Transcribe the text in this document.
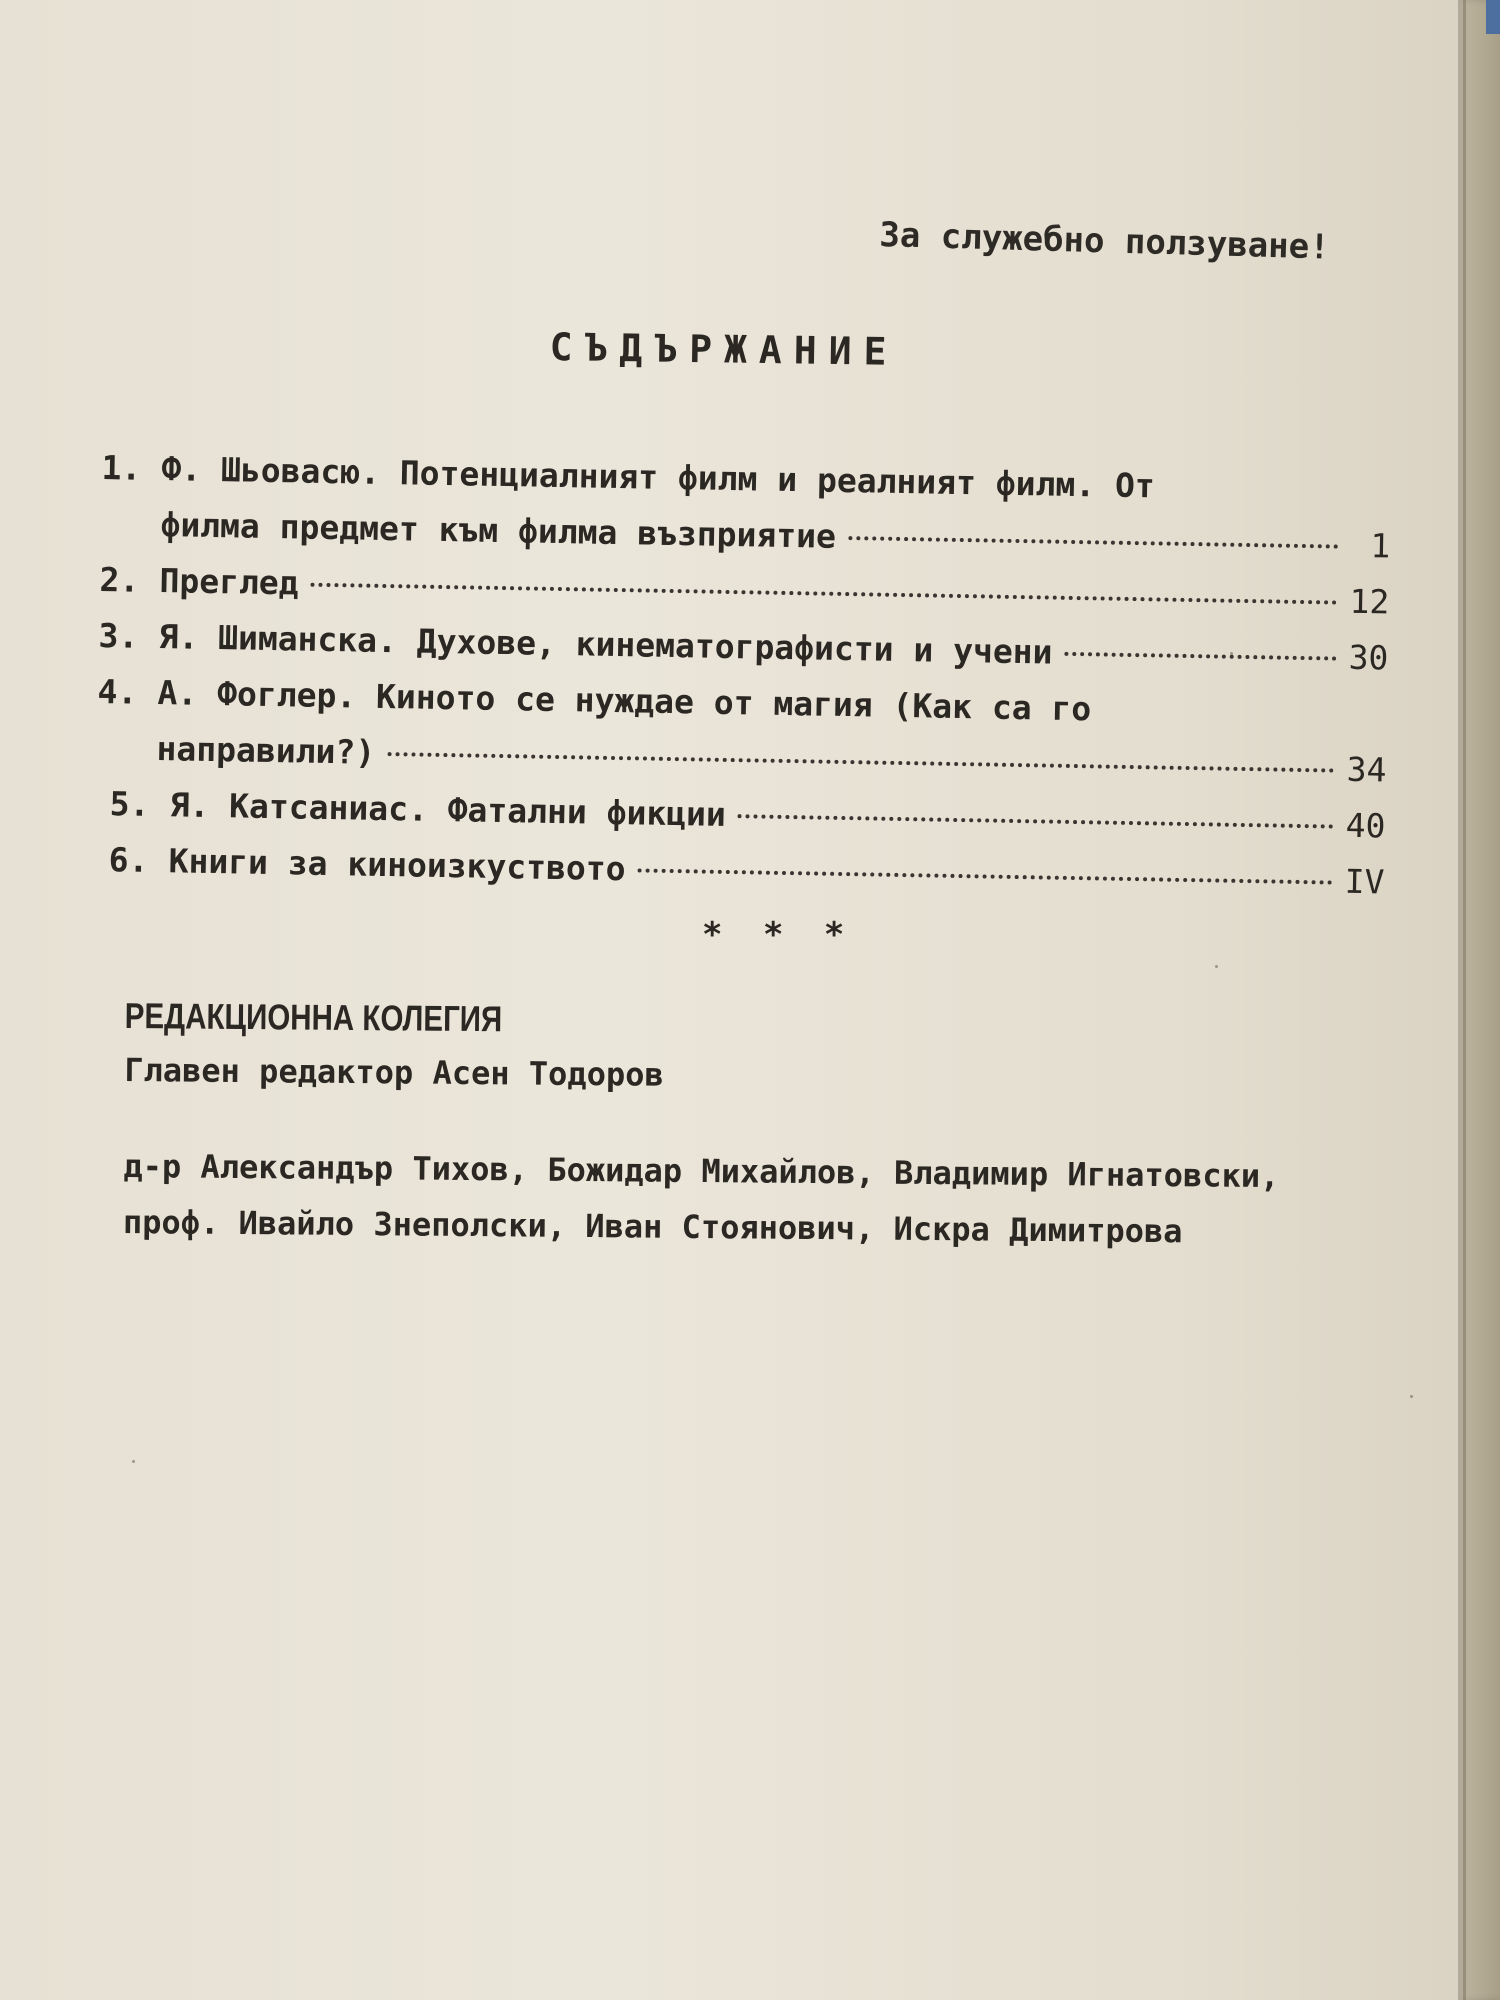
За служебно ползуване!
СЪДЪРЖАНИЕ
1. Ф. Шьовасю. Потенциалният филм и реалният филм. От
филма предмет към филма възприятие	1
2. Преглед	12
3. Я. Шиманска. Духове, кинематографисти и учени	30
4. А. Фоглер. Киното се нуждае от магия (Как са го
направили?)	34
5. Я. Катсаниас. Фатални фикции	40
6. Книги за киноизкуството	IV
* * *
РЕДАКЦИОННА КОЛЕГИЯ
Главен редактор Асен Тодоров
д-р Александър Тихов, Божидар Михайлов, Владимир Игнатовски,
проф. Ивайло Знеполски, Иван Стоянович, Искра Димитрова
